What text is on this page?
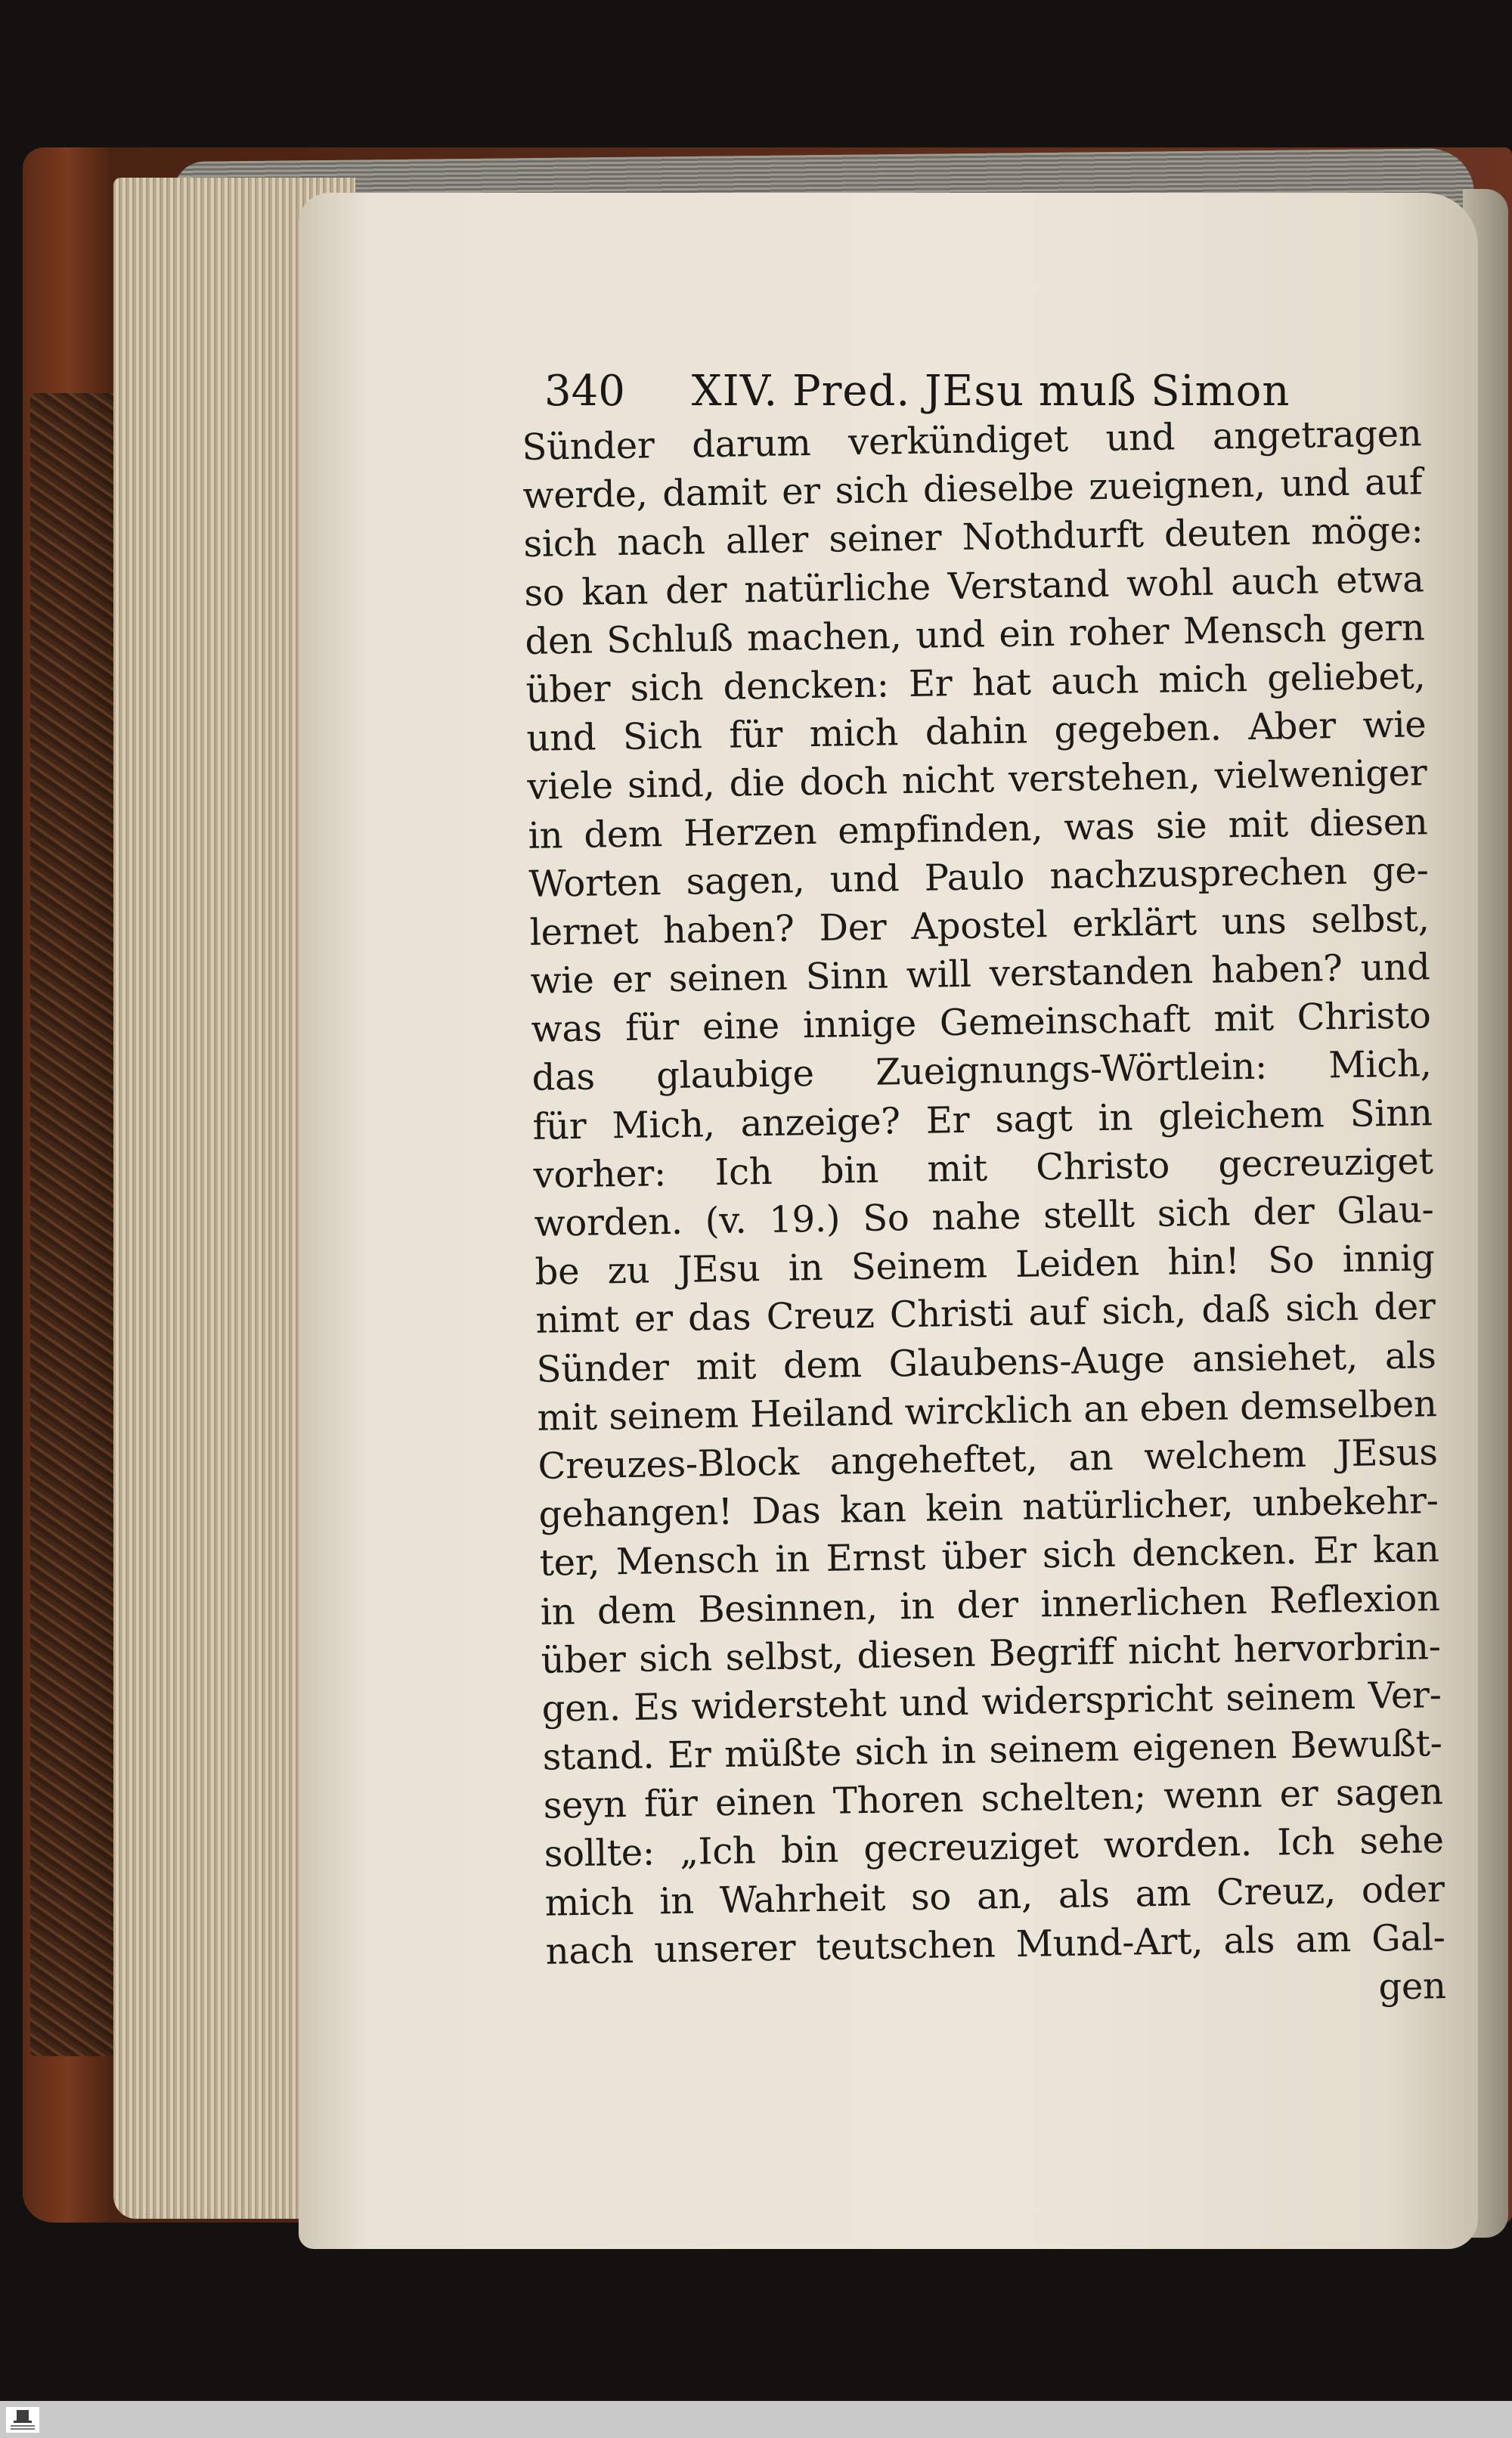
340 XIV. Pred. JEsu muß Simon
Sünder darum verkündiget und angetragen
werde, damit er sich dieselbe zueignen, und auf
sich nach aller seiner Nothdurft deuten möge:
so kan der natürliche Verstand wohl auch etwa
den Schluß machen, und ein roher Mensch gern
über sich dencken: Er hat auch mich geliebet,
und Sich für mich dahin gegeben. Aber wie
viele sind, die doch nicht verstehen, vielweniger
in dem Herzen empfinden, was sie mit diesen
Worten sagen, und Paulo nachzusprechen ge-
lernet haben? Der Apostel erklärt uns selbst,
wie er seinen Sinn will verstanden haben? und
was für eine innige Gemeinschaft mit Christo
das glaubige Zueignungs-Wörtlein: Mich,
für Mich, anzeige? Er sagt in gleichem Sinn
vorher: Ich bin mit Christo gecreuziget
worden. (v. 19.) So nahe stellt sich der Glau-
be zu JEsu in Seinem Leiden hin! So innig
nimt er das Creuz Christi auf sich, daß sich der
Sünder mit dem Glaubens-Auge ansiehet, als
mit seinem Heiland wircklich an eben demselben
Creuzes-Block angeheftet, an welchem JEsus
gehangen! Das kan kein natürlicher, unbekehr-
ter, Mensch in Ernst über sich dencken. Er kan
in dem Besinnen, in der innerlichen Reflexion
über sich selbst, diesen Begriff nicht hervorbrin-
gen. Es widersteht und widerspricht seinem Ver-
stand. Er müßte sich in seinem eigenen Bewußt-
seyn für einen Thoren schelten; wenn er sagen
sollte: „Ich bin gecreuziget worden. Ich sehe
mich in Wahrheit so an, als am Creuz, oder
nach unserer teutschen Mund-Art, als am Gal-
gen
